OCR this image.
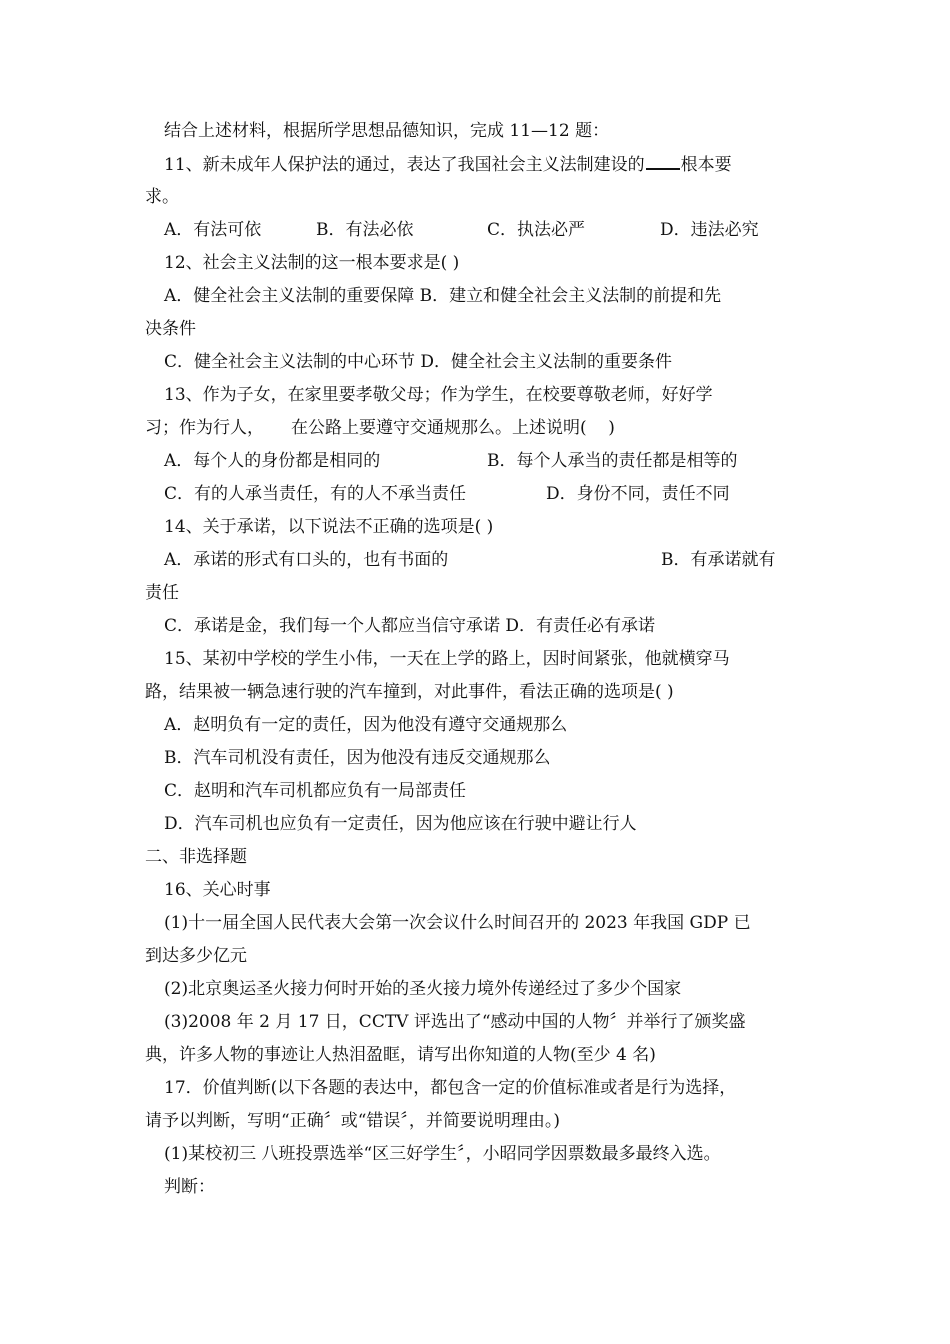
结合上述材料，根据所学思想品德知识，完成 11—12 题：
11、新未成年人保护法的通过，表达了我国社会主义法制建设的 根本要
求。
A．有法可依	B．有法必依	C．执法必严	D．违法必究
12、社会主义法制的这一根本要求是( )
A．健全社会主义法制的重要保障 B．建立和健全社会主义法制的前提和先
决条件
C．健全社会主义法制的中心环节 D．健全社会主义法制的重要条件
13、作为子女，在家里要孝敬父母；作为学生，在校要尊敬老师，好好学
习；作为行人，     在公路上要遵守交通规那么。上述说明(    )
A．每个人的身份都是相同的	B．每个人承当的责任都是相等的
C．有的人承当责任，有的人不承当责任	D．身份不同，责任不同
14、关于承诺，以下说法不正确的选项是( )
A．承诺的形式有口头的，也有书面的	B．有承诺就有
责任
C．承诺是金，我们每一个人都应当信守承诺 D．有责任必有承诺
15、某初中学校的学生小伟，一天在上学的路上，因时间紧张，他就横穿马
路，结果被一辆急速行驶的汽车撞到，对此事件，看法正确的选项是( )
A．赵明负有一定的责任，因为他没有遵守交通规那么
B．汽车司机没有责任，因为他没有违反交通规那么
C．赵明和汽车司机都应负有一局部责任
D．汽车司机也应负有一定责任，因为他应该在行驶中避让行人
二、非选择题
16、关心时事
(1)十一届全国人民代表大会第一次会议什么时间召开的 2023 年我国 GDP 已
到达多少亿元
(2)北京奥运圣火接力何时开始的圣火接力境外传递经过了多少个国家
(3)2008 年 2 月 17 日，CCTV 评选出了“感动中国的人物〞并举行了颁奖盛
典，许多人物的事迹让人热泪盈眶，请写出你知道的人物(至少 4 名)
17．价值判断(以下各题的表达中，都包含一定的价值标准或者是行为选择，
请予以判断，写明“正确〞或“错误〞，并简要说明理由。)
(1)某校初三 八班投票选举“区三好学生〞，小昭同学因票数最多最终入选。
判断：
